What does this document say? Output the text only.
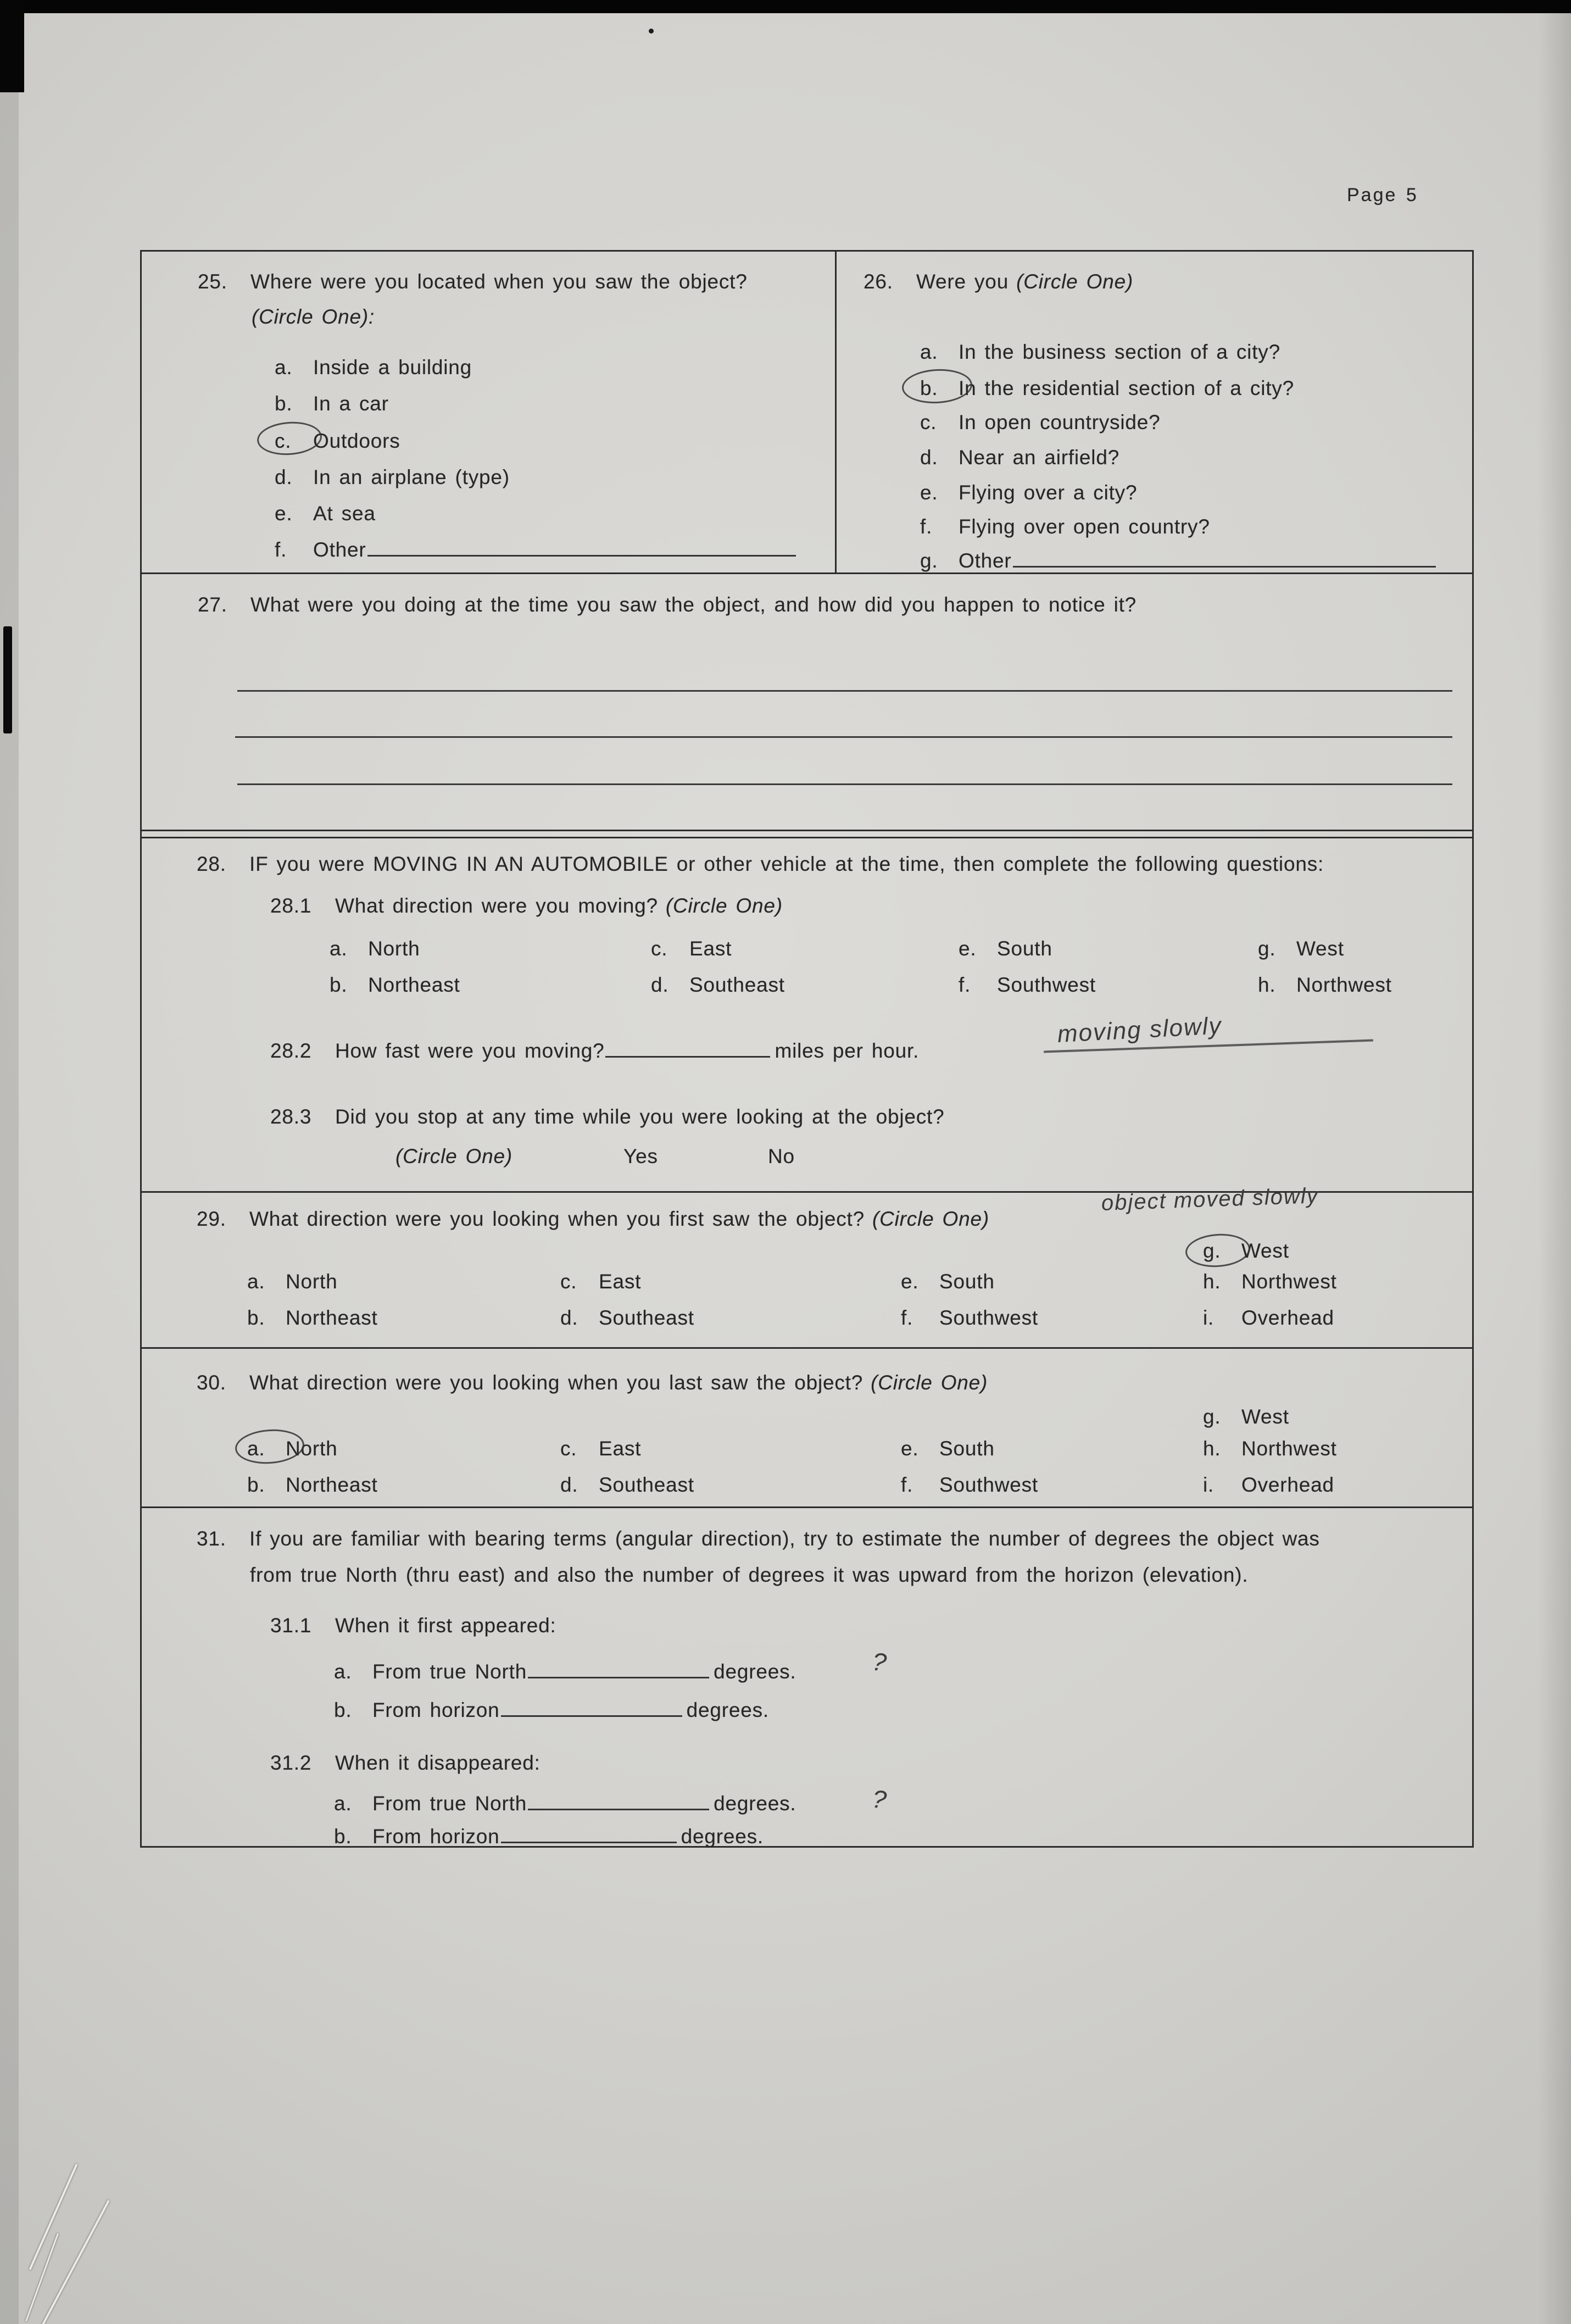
Page 5
25. Where were you located when you saw the object?
(Circle One):
a. Inside a building
b. In a car
c. Outdoors
d. In an airplane (type)
e. At sea
f. Other
26. Were you (Circle One)
a. In the business section of a city?
b. In the residential section of a city?
c. In open countryside?
d. Near an airfield?
e. Flying over a city?
f. Flying over open country?
g. Other
27. What were you doing at the time you saw the object, and how did you happen to notice it?
28. IF you were MOVING IN AN AUTOMOBILE or other vehicle at the time, then complete the following questions:
28.1 What direction were you moving? (Circle One)
a. North	c. East	e. South	g. West
b. Northeast	d. Southeast	f. Southwest	h. Northwest
28.2 How fast were you moving?	miles per hour.
moving slowly
28.3 Did you stop at any time while you were looking at the object?
(Circle One)	Yes	No
29. What direction were you looking when you first saw the object? (Circle One)
object moved slowly
g. West
a. North	c. East	e. South	h. Northwest
b. Northeast	d. Southeast	f. Southwest	i. Overhead
30. What direction were you looking when you last saw the object? (Circle One)
g. West
a. North	c. East	e. South	h. Northwest
b. Northeast	d. Southeast	f. Southwest	i. Overhead
31. If you are familiar with bearing terms (angular direction), try to estimate the number of degrees the object was
from true North (thru east) and also the number of degrees it was upward from the horizon (elevation).
31.1 When it first appeared:
a. From true North	degrees.
b. From horizon	degrees.
?
31.2 When it disappeared:
a. From true North	degrees.
b. From horizon	degrees.
?
